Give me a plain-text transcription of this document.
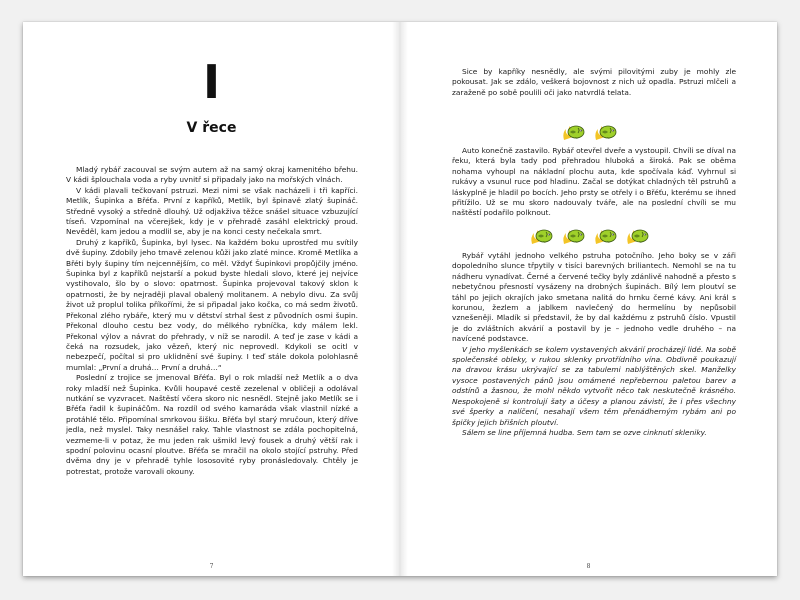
I
V řece

Mladý rybář zacouval se svým autem až na samý okraj kamenitého břehu. V kádi šplouchala voda a ryby uvnitř si připadaly jako na mořských vlnách.

V kádi plavali tečkovaní pstruzi. Mezi nimi se však nacházeli i tři kapříci. Metlík, Šupinka a Břéťa. První z kapříků, Metlík, byl špinavě zlatý šupináč. Středně vysoký a středně dlouhý. Už odjakživa těžce snášel situace vzbuzující tíseň. Vzpomínal na včerejšek, kdy je v přehradě zasáhl elektrický proud. Nevěděl, kam jedou a modlil se, aby je na konci cesty nečekala smrt.

Druhý z kapříků, Šupinka, byl lysec. Na každém boku uprostřed mu svítily dvě šupiny. Zdobily jeho tmavě zelenou kůži jako zlaté mince. Kromě Metlíka a Břéti byly šupiny tím nejcennějším, co měl. Vždyť Šupinkovi propůjčily jméno. Šupinka byl z kapříků nejstarší a pokud byste hledali slovo, které jej nejvíce vystihovalo, šlo by o slovo: opatrnost. Šupinka projevoval takový sklon k opatrnosti, že by nejraději plaval obalený molitanem. A nebylo divu. Za svůj život už proplul tolika příkořími, že si připadal jako kočka, co má sedm životů. Překonal zlého rybáře, který mu v dětství strhal šest z původních osmi šupin. Překonal dlouho cestu bez vody, do mělkého rybníčka, kdy málem lekl. Překonal výlov a návrat do přehrady, v níž se narodil. A teď je zase v kádi a čeká na rozsudek, jako vězeň, který nic neprovedl. Kdykoli se ocitl v nebezpečí, počítal si pro uklidnění své šupiny. I teď stále dokola polohlasně mumlal: „První a druhá… První a druhá…“

Poslední z trojice se jmenoval Břéťa. Byl o rok mladší než Metlík a o dva roky mladší než Šupinka. Kvůli houpavé cestě zezelenal v obličeji a odolával nutkání se vyzvracet. Naštěstí včera skoro nic nesnědl. Stejně jako Metlík se i Břéťa řadil k šupináčům. Na rozdíl od svého kamaráda však vlastnil nízké a protáhlé tělo. Připomínal smrkovou šišku. Břéťa byl starý mručoun, který dříve jedla, než myslel. Taky nesnášel raky. Tahle vlastnost se zdála pochopitelná, vezmeme-li v potaz, že mu jeden rak ušmikl levý fousek a druhý větší rak i spodní polovinu ocasní ploutve. Břéťa se mračil na okolo stojící pstruhy. Před dvěma dny je v přehradě tyhle lososovité ryby pronásledovaly. Chtěly je potrestat, protože varovali okouny.

7

Sice by kapříky nesnědly, ale svými pilovitými zuby je mohly zle pokousat. Jak se zdálo, veškerá bojovnost z nich už opadla. Pstruzi mlčeli a zaraženě po sobě poulili oči jako natvrdlá telata.

Auto konečně zastavilo. Rybář otevřel dveře a vystoupil. Chvíli se díval na řeku, která byla tady pod přehradou hluboká a široká. Pak se oběma nohama vyhoupl na nákladní plochu auta, kde spočívala káď. Vyhrnul si rukávy a vsunul ruce pod hladinu. Začal se dotýkat chladných těl pstruhů a láskyplně je hladil po bocích. Jeho prsty se otřely i o Břéťu, kterému se ihned přitížilo. Už se mu skoro nadouvaly tváře, ale na poslední chvíli se mu naštěstí podařilo polknout.

Rybář vytáhl jednoho velkého pstruha potočního. Jeho boky se v záři dopoledního slunce třpytily v tisíci barevných briliantech. Nemohl se na tu nádheru vynadívat. Černé a červené tečky byly zdánlivě nahodně a přesto s nebetyčnou přesností vysázeny na drobných šupinách. Bílý lem ploutví se táhl po jejich okrajích jako smetana nalitá do hrnku černé kávy. Ani král s korunou, žezlem a jablkem navlečený do hermelínu by nepůsobil vznešeněji. Mladík si představil, že by dal každému z pstruhů číslo. Vpustil je do zvláštních akvárií a postavil by je – jednoho vedle druhého – na navícené podstavce.

V jeho myšlenkách se kolem vystavených akvárií procházejí lidé. Na sobě společenské obleky, v rukou sklenky prvotřídního vína. Obdivně poukazují na dravou krásu ukrývající se za tabulemi nablýštěných skel. Manželky vysoce postavených pánů jsou omámené nepřebernou paletou barev a odstínů a žasnou, že mohl někdo vytvořit něco tak neskutečně krásného. Nespokojeně si kontrolují šaty a účesy a planou závistí, že i přes všechny své šperky a nalíčení, nesahají všem těm přenádherným rybám ani po špičky jejich břišních ploutví.

Sálem se line příjemná hudba. Sem tam se ozve cinknutí skleniky.

8
